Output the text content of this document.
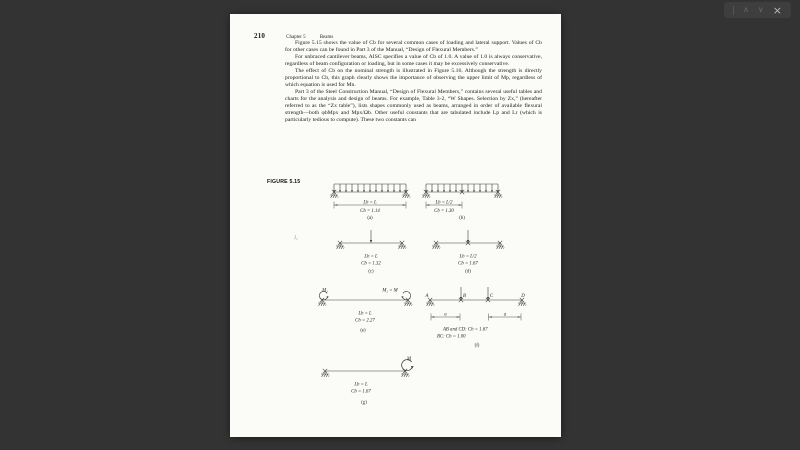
∧ ∨ ×
210	Chapter 5	Beams

Figure 5.15 shows the value of Cb for several common cases of loading and lateral support. Values of Cb for other cases can be found in Part 3 of the Manual, “Design of Flexural Members.”

For unbraced cantilever beams, AISC specifies a value of Cb of 1.0. A value of 1.0 is always conservative, regardless of beam configuration or loading, but in some cases it may be excessively conservative.

The effect of Cb on the nominal strength is illustrated in Figure 5.16. Although the strength is directly proportional to Cb, this graph clearly shows the importance of observing the upper limit of Mp, regardless of which equation is used for Mn.

Part 3 of the Steel Construction Manual, “Design of Flexural Members,” contains several useful tables and charts for the analysis and design of beams. For example, Table 3-2, “W Shapes. Selection by Zx,” (hereafter referred to as the “Zx table”), lists shapes commonly used as beams, arranged in order of available flexural strength—both φbMpx and Mpx/Ωb. Other useful constants that are tabulated include Lp and Lr (which is particularly tedious to compute). These two constants can

FIGURE 5.15
I₂
Lb = L
Cb = 1.14
(a)
Lb = L/2
Cb = 1.30
(b)
Lb = L
Cb = 1.32
(c)
Lb = L/2
Cb = 1.67
(d)
M₁	M₂ = M
Lb = L
Cb = 2.27
(e)
A	B	C	D
a	a
AB and CD: Cb = 1.67
BC: Cb = 1.00
(f)
M
Lb = L
Cb = 1.67
(g)
